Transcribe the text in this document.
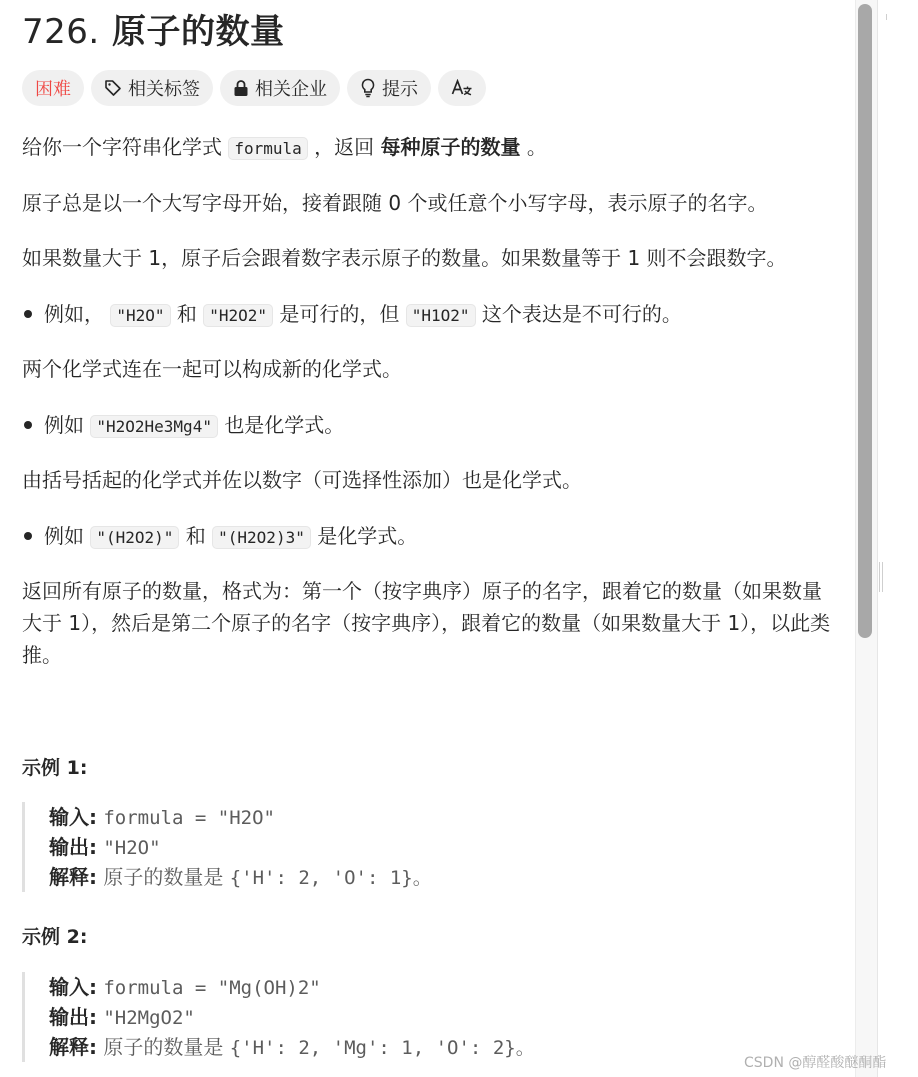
726. 原子的数量
困难	相关标签	相关企业	提示
给你一个字符串化学式 formula ，返回 每种原子的数量 。
原子总是以一个大写字母开始，接着跟随 0 个或任意个小写字母，表示原子的名字。
如果数量大于 1，原子后会跟着数字表示原子的数量。如果数量等于 1 则不会跟数字。
例如， "H2O" 和 "H2O2" 是可行的，但 "H1O2" 这个表达是不可行的。
两个化学式连在一起可以构成新的化学式。
例如 "H2O2He3Mg4" 也是化学式。
由括号括起的化学式并佐以数字（可选择性添加）也是化学式。
例如 "(H2O2)" 和 "(H2O2)3" 是化学式。
返回所有原子的数量，格式为：第一个（按字典序）原子的名字，跟着它的数量（如果数量大于 1），然后是第二个原子的名字（按字典序），跟着它的数量（如果数量大于 1），以此类推。
示例 1:
输入: formula = "H2O"
输出: "H2O"
解释: 原子的数量是 {'H': 2, 'O': 1}。
示例 2:
输入: formula = "Mg(OH)2"
输出: "H2MgO2"
解释: 原子的数量是 {'H': 2, 'Mg': 1, 'O': 2}。
CSDN @醇醛酸醚酮酯
